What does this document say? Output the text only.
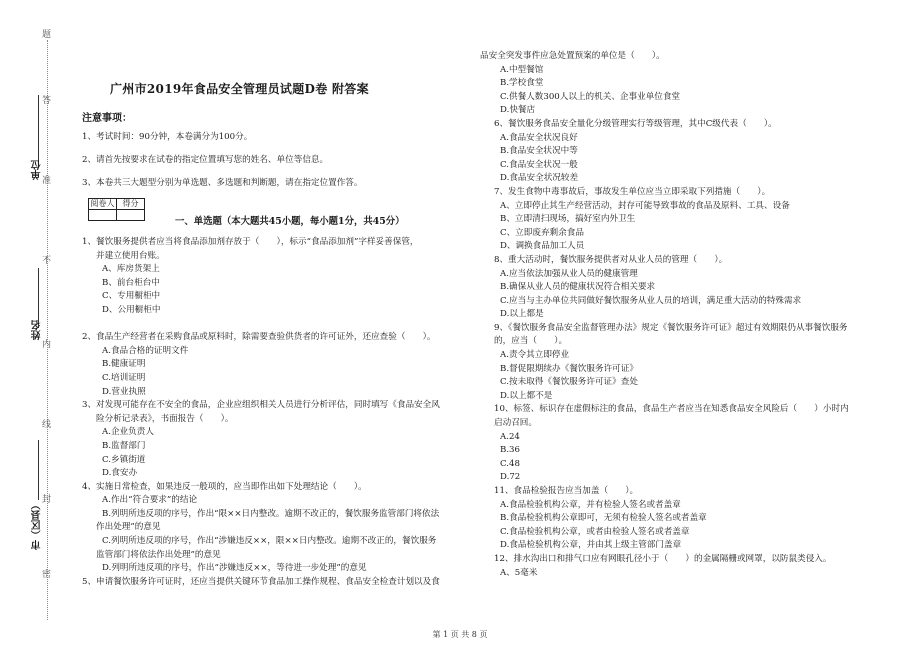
题
答
准
不
内
线
封
密
单位
姓名
市（区县）
广州市2019年食品安全管理员试题D卷 附答案
注意事项：
1、考试时间：90分钟，本卷满分为100分。
2、请首先按要求在试卷的指定位置填写您的姓名、单位等信息。
3、本卷共三大题型分别为单选题、多选题和判断题，请在指定位置作答。
阅卷人	得分

一、单选题（本大题共45小题，每小题1分，共45分）
1、餐饮服务提供者应当将食品添加剂存放于（　　），标示“食品添加剂”字样妥善保管，
并建立使用台账。
A、库房货架上
B、前台柜台中
C、专用橱柜中
D、公用橱柜中
2、食品生产经营者在采购食品或原料时，除需要查验供货者的许可证外，还应查验（　　）。
A.食品合格的证明文件
B.健康证明
C.培训证明
D.营业执照
3、对发现可能存在不安全的食品，企业应组织相关人员进行分析评估，同时填写《食品安全风
险分析记录表》，书面报告（　　）。
A.企业负责人
B.监督部门
C.乡镇街道
D.食安办
4、实施日常检查，如果违反一般项的，应当即作出如下处理结论（　　）。
A.作出“符合要求”的结论
B.列明所违反项的序号，作出“限××日内整改。逾期不改正的，餐饮服务监管部门将依法
作出处理”的意见
C.列明所违反项的序号，作出“涉嫌违反××，限××日内整改。逾期不改正的，餐饮服务
监管部门将依法作出处理”的意见
D.列明所违反项的序号，作出“涉嫌违反××，等待进一步处理”的意见
5、申请餐饮服务许可证时，还应当提供关键环节食品加工操作规程、食品安全检查计划以及食
品安全突发事件应急处置预案的单位是（　　）。
A.中型餐馆
B.学校食堂
C.供餐人数300人以上的机关、企事业单位食堂
D.快餐店
6、餐饮服务食品安全量化分级管理实行等级管理，其中C级代表（　　）。
A.食品安全状况良好
B.食品安全状况中等
C.食品安全状况一般
D.食品安全状况较差
7、发生食物中毒事故后，事故发生单位应当立即采取下列措施（　　）。
A、立即停止其生产经营活动，封存可能导致事故的食品及原料、工具、设备
B、立即清扫现场，搞好室内外卫生
C、立即废弃剩余食品
D、调换食品加工人员
8、重大活动时，餐饮服务提供者对从业人员的管理（　　）。
A.应当依法加强从业人员的健康管理
B.确保从业人员的健康状况符合相关要求
C.应当与主办单位共同做好餐饮服务从业人员的培训，满足重大活动的特殊需求
D.以上都是
9、《餐饮服务食品安全监督管理办法》规定《餐饮服务许可证》超过有效期限仍从事餐饮服务
的，应当（　　）。
A.责令其立即停业
B.督促限期续办《餐饮服务许可证》
C.按未取得《餐饮服务许可证》查处
D.以上都不是
10、标签、标识存在虚假标注的食品，食品生产者应当在知悉食品安全风险后（　　）小时内
启动召回。
A.24
B.36
C.48
D.72
11、食品检验报告应当加盖（　　）。
A.食品检验机构公章，并有检验人签名或者盖章
B.食品检验机构公章即可，无须有检验人签名或者盖章
C.食品检验机构公章，或者由检验人签名或者盖章
D.食品检验机构公章，并由其上级主管部门盖章
12、排水沟出口和排气口应有网眼孔径小于（　　）的金属隔栅或网罩，以防鼠类侵入。
A、5毫米
第 1 页 共 8 页
